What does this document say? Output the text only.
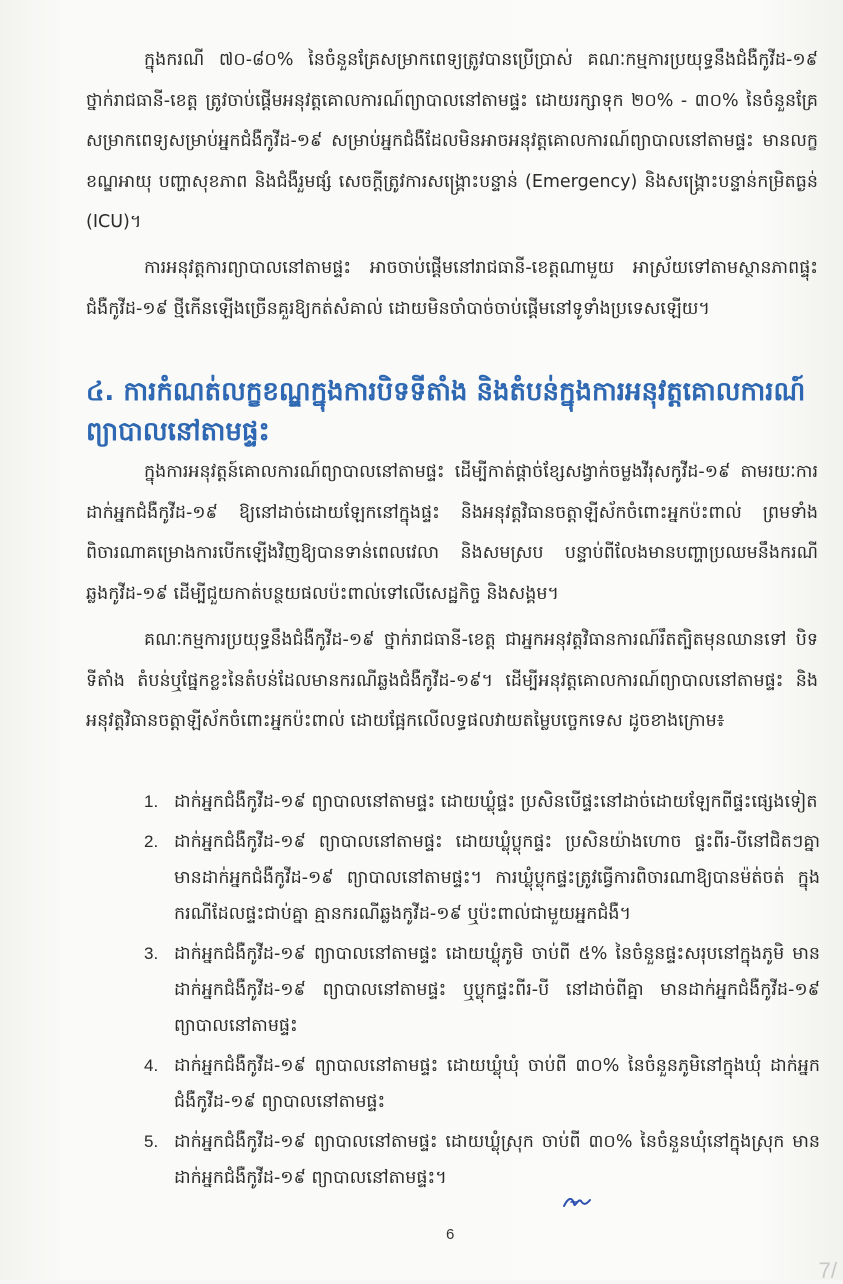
ក្នុងករណី ៧០-៨០% នៃចំនួនគ្រែសម្រាកពេទ្យត្រូវបានប្រើប្រាស់ គណៈកម្មការប្រយុទ្ធនឹងជំងឺកូវីដ-១៩ ថ្នាក់រាជធានី-ខេត្ត ត្រូវចាប់ផ្តើមអនុវត្តគោលការណ៍ព្យាបាលនៅតាមផ្ទះ ដោយរក្សាទុក ២០% - ៣០% នៃចំនួនគ្រែសម្រាកពេទ្យសម្រាប់អ្នកជំងឺកូវីដ-១៩ សម្រាប់អ្នកជំងឺដែលមិនអាចអនុវត្តគោលការណ៍ព្យាបាលនៅតាមផ្ទះ មានលក្ខខណ្ឌអាយុ បញ្ហាសុខភាព និងជំងឺរួមផ្សំ សេចក្តីត្រូវការសង្គ្រោះបន្ទាន់ (Emergency) និងសង្គ្រោះបន្ទាន់កម្រិតធ្ងន់ (ICU)។

ការអនុវត្តការព្យាបាលនៅតាមផ្ទះ អាចចាប់ផ្តើមនៅរាជធានី-ខេត្តណាមួយ អាស្រ័យទៅតាមស្ថានភាពផ្ទុះជំងឺកូវីដ-១៩ ថ្មីកើនឡើងច្រើនគួរឱ្យកត់សំគាល់ ដោយមិនចាំបាច់ចាប់ផ្តើមនៅទូទាំងប្រទេសឡើយ។

៤. ការកំណត់លក្ខខណ្ឌក្នុងការបិទទីតាំង និងតំបន់ក្នុងការអនុវត្តគោលការណ៍ព្យាបាលនៅតាមផ្ទះ

ក្នុងការអនុវត្តន៍គោលការណ៍ព្យាបាលនៅតាមផ្ទះ ដើម្បីកាត់ផ្តាច់ខ្សែសង្វាក់ចម្លងវីរុសកូវីដ-១៩ តាមរយៈការដាក់អ្នកជំងឺកូវីដ-១៩ ឱ្យនៅដាច់ដោយឡែកនៅក្នុងផ្ទះ និងអនុវត្តវិធានចត្តាឡីស័កចំពោះអ្នកប៉ះពាល់ ព្រមទាំងពិចារណាគម្រោងការបើកឡើងវិញឱ្យបានទាន់ពេលវេលា និងសមស្រប បន្ទាប់ពីលែងមានបញ្ហាប្រឈមនឹងករណីឆ្លងកូវីដ-១៩ ដើម្បីជួយកាត់បន្ថយផលប៉ះពាល់ទៅលើសេដ្ឋកិច្ច និងសង្គម។

គណៈកម្មការប្រយុទ្ធនឹងជំងឺកូវីដ-១៩ ថ្នាក់រាជធានី-ខេត្ត ជាអ្នកអនុវត្តវិធានការណ៍រឹតត្បិតមុនឈានទៅ បិទទីតាំង តំបន់ឬផ្នែកខ្លះនៃតំបន់ដែលមានករណីឆ្លងជំងឺកូវីដ-១៩។ ដើម្បីអនុវត្តគោលការណ៍ព្យាបាលនៅតាមផ្ទះ និងអនុវត្តវិធានចត្តាឡីស័កចំពោះអ្នកប៉ះពាល់ ដោយផ្អែកលើលទ្ធផលវាយតម្លៃបច្ចេកទេស ដូចខាងក្រោម៖

1. ដាក់អ្នកជំងឺកូវីដ-១៩ ព្យាបាលនៅតាមផ្ទះ ដោយឃ្លុំផ្ទះ ប្រសិនបើផ្ទះនៅដាច់ដោយឡែកពីផ្ទះផ្សេងទៀត
2. ដាក់អ្នកជំងឺកូវីដ-១៩ ព្យាបាលនៅតាមផ្ទះ ដោយឃ្លុំប្លុកផ្ទះ ប្រសិនយ៉ាងហោច ផ្ទះពីរ-បីនៅជិតៗគ្នា មានដាក់អ្នកជំងឺកូវីដ-១៩ ព្យាបាលនៅតាមផ្ទះ។ ការឃ្លុំប្លុកផ្ទះត្រូវធ្វើការពិចារណាឱ្យបានម៉ត់ចត់ ក្នុងករណីដែលផ្ទះជាប់គ្នា គ្មានករណីឆ្លងកូវីដ-១៩ ឬប៉ះពាល់ជាមួយអ្នកជំងឺ។
3. ដាក់អ្នកជំងឺកូវីដ-១៩ ព្យាបាលនៅតាមផ្ទះ ដោយឃ្លុំភូមិ ចាប់ពី ៥% នៃចំនួនផ្ទះសរុបនៅក្នុងភូមិ មានដាក់អ្នកជំងឺកូវីដ-១៩ ព្យាបាលនៅតាមផ្ទះ ឬប្លុកផ្ទះពីរ-បី នៅដាច់ពីគ្នា មានដាក់អ្នកជំងឺកូវីដ-១៩ ព្យាបាលនៅតាមផ្ទះ
4. ដាក់អ្នកជំងឺកូវីដ-១៩ ព្យាបាលនៅតាមផ្ទះ ដោយឃ្លុំឃុំ ចាប់ពី ៣០% នៃចំនួនភូមិនៅក្នុងឃុំ ដាក់អ្នកជំងឺកូវីដ-១៩ ព្យាបាលនៅតាមផ្ទះ
5. ដាក់អ្នកជំងឺកូវីដ-១៩ ព្យាបាលនៅតាមផ្ទះ ដោយឃ្លុំស្រុក ចាប់ពី ៣០% នៃចំនួនឃុំនៅក្នុងស្រុក មានដាក់អ្នកជំងឺកូវីដ-១៩ ព្យាបាលនៅតាមផ្ទះ។
6
7/
